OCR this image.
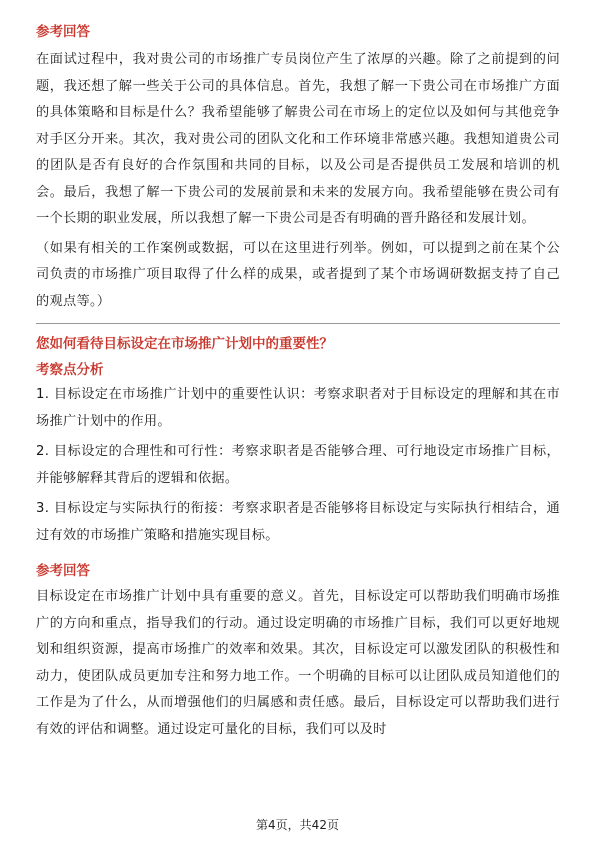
参考回答

在面试过程中，我对贵公司的市场推广专员岗位产生了浓厚的兴趣。除了之前提到的问题，我还想了解一些关于公司的具体信息。首先，我想了解一下贵公司在市场推广方面的具体策略和目标是什么？我希望能够了解贵公司在市场上的定位以及如何与其他竞争对手区分开来。其次，我对贵公司的团队文化和工作环境非常感兴趣。我想知道贵公司的团队是否有良好的合作氛围和共同的目标，以及公司是否提供员工发展和培训的机会。最后，我想了解一下贵公司的发展前景和未来的发展方向。我希望能够在贵公司有一个长期的职业发展，所以我想了解一下贵公司是否有明确的晋升路径和发展计划。

（如果有相关的工作案例或数据，可以在这里进行列举。例如，可以提到之前在某个公司负责的市场推广项目取得了什么样的成果，或者提到了某个市场调研数据支持了自己的观点等。）

您如何看待目标设定在市场推广计划中的重要性？

考察点分析

1. 目标设定在市场推广计划中的重要性认识：考察求职者对于目标设定的理解和其在市场推广计划中的作用。

2. 目标设定的合理性和可行性：考察求职者是否能够合理、可行地设定市场推广目标，并能够解释其背后的逻辑和依据。

3. 目标设定与实际执行的衔接：考察求职者是否能够将目标设定与实际执行相结合，通过有效的市场推广策略和措施实现目标。

参考回答

目标设定在市场推广计划中具有重要的意义。首先，目标设定可以帮助我们明确市场推广的方向和重点，指导我们的行动。通过设定明确的市场推广目标，我们可以更好地规划和组织资源，提高市场推广的效率和效果。其次，目标设定可以激发团队的积极性和动力，使团队成员更加专注和努力地工作。一个明确的目标可以让团队成员知道他们的工作是为了什么，从而增强他们的归属感和责任感。最后，目标设定可以帮助我们进行有效的评估和调整。通过设定可量化的目标，我们可以及时

第4页，共42页
